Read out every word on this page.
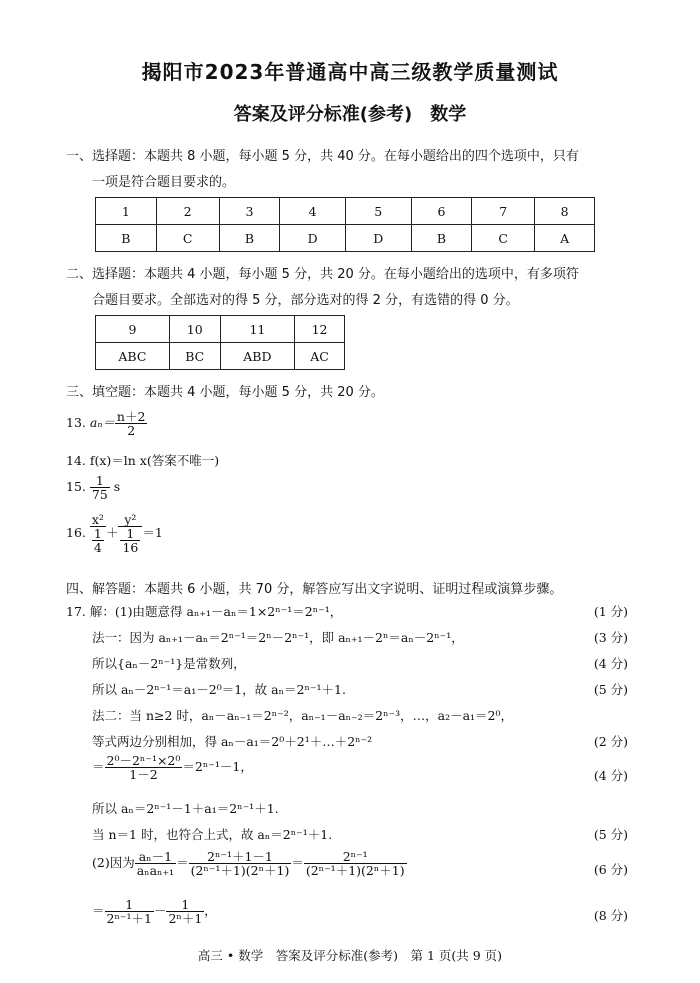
揭阳市2023年普通高中高三级教学质量测试
答案及评分标准(参考)　数学
一、选择题：本题共 8 小题，每小题 5 分，共 40 分。在每小题给出的四个选项中，只有
一项是符合题目要求的。
1	2	3	4	5	6	7	8
B	C	B	D	D	B	C	A
二、选择题：本题共 4 小题，每小题 5 分，共 20 分。在每小题给出的选项中，有多项符
合题目要求。全部选对的得 5 分，部分选对的得 2 分，有选错的得 0 分。
9	10	11	12
ABC	BC	ABD	AC
三、填空题：本题共 4 小题，每小题 5 分，共 20 分。
13. $a_n= \frac{n+2}{2}$
14. f(x)＝ln x(答案不唯一)
15. $\frac{1}{75}$ s
16. $\frac{\text{x²}}{\frac{1}{4}} + \frac{\text{y²}}{\frac{1}{16}} =1$
四、解答题：本题共 6 小题，共 70 分，解答应写出文字说明、证明过程或演算步骤。
17. 解：(1)由题意得 aₙ₊₁－aₙ＝1×2ⁿ⁻¹＝2ⁿ⁻¹，	(1 分)
法一：因为 aₙ₊₁－aₙ＝2ⁿ⁻¹＝2ⁿ－2ⁿ⁻¹，即 aₙ₊₁－2ⁿ＝aₙ－2ⁿ⁻¹，	(3 分)
所以{aₙ－2ⁿ⁻¹}是常数列，	(4 分)
所以 aₙ－2ⁿ⁻¹＝a₁－2⁰＝1，故 aₙ＝2ⁿ⁻¹＋1.	(5 分)
法二：当 n≥2 时，aₙ－aₙ₋₁＝2ⁿ⁻²，aₙ₋₁－aₙ₋₂＝2ⁿ⁻³，…，a₂－a₁＝2⁰，
等式两边分别相加，得 aₙ－a₁＝2⁰＋2¹＋…＋2ⁿ⁻²	(2 分)
＝ $\frac{\text{2⁰－2ⁿ⁻¹×2⁰}}{1-2} =2^{n-1}-1$，
(4 分)
所以 aₙ＝2ⁿ⁻¹－1＋a₁＝2ⁿ⁻¹＋1.
当 n＝1 时，也符合上式，故 aₙ＝2ⁿ⁻¹＋1.	(5 分)
(2)因为 $\frac{\text{aₙ－1}}{\text{aₙaₙ₊₁}} = \frac{\text{2ⁿ⁻¹＋1－1}}{\text{(2ⁿ⁻¹＋1)(2ⁿ＋1)}} = \frac{\text{2ⁿ⁻¹}}{\text{(2ⁿ⁻¹＋1)(2ⁿ＋1)}}$	(6 分)
＝ $\frac{1}{\text{2ⁿ⁻¹＋1}} - \frac{1}{\text{2ⁿ＋1}}$ ，	(8 分)
高三 • 数学　答案及评分标准(参考)　第 1 页(共 9 页)
